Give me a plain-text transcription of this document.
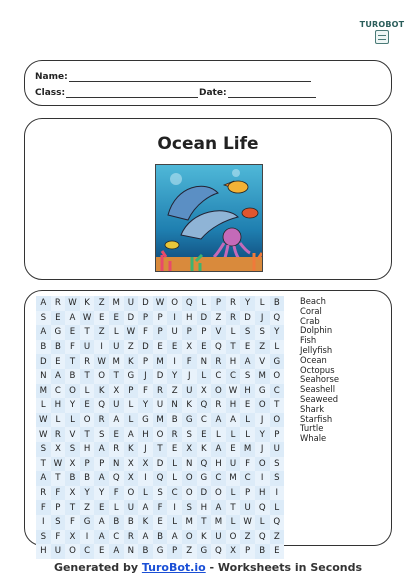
TUROBOT
Name:
Class:	Date:
Ocean Life
A	R W K	Z M U D W O Q	L	P	R	Y	L	B
S	E	A W E	E D	P	P	I	H D Z	R D	J	Q
A G E	T	Z	L W F	P	U	P	P	V	L	S	S	Y
B	B	F	U	I	U Z D E	E	X	E Q T	E	Z	L
D E	T	R W M K	P M	I	F	N R H A	V G
N A	B	T O T	G	J	D	Y	J	L	C C	S M O
M C O	L	K	X	P	F	R	Z U X O W H G C
L	H	Y	E Q U	L	Y	U N K Q R H	E O T
W L	L	O R	A	L	G M B G C	A	A	L	J	O
W R	V	T	S	E	A H O R	S	E	L	L	L	Y	P
S	X	S	H A	R	K	J	T	E	X	K	A	E M	J	U
T W X	P	P	N X	X D	L	N Q H U	F	O S
A	T	B	B	A Q X	I	Q	L	O G C M C	I	S
R	F	X	Y	Y	F	O	L	S	C O D O	L	P	H	I
F	P	T	Z	E	L	U A	F	I	S	H A	T	U Q	L
I	S	F	G A	B	B	K	E	L M T M L W L	Q
S	F	X	I	A	C R	A	B	A O K	U O Z Q Z
H U O C	E	A N B G	P	Z G Q X	P	B	E
Beach
Coral
Crab
Dolphin
Fish
Jellyfish
Ocean
Octopus
Seahorse
Seashell
Seaweed
Shark
Starfish
Turtle
Whale
Generated by TuroBot.io - Worksheets in Seconds
